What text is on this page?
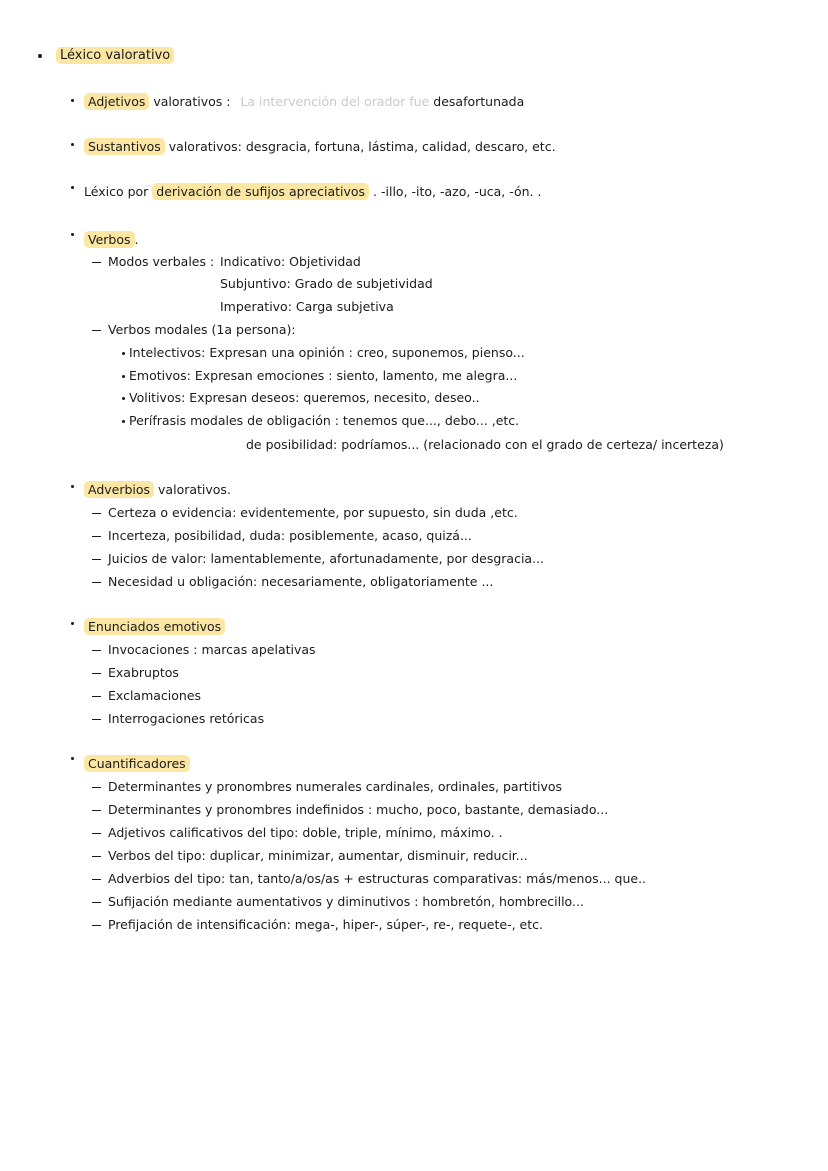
Léxico valorativo
Adjetivos valorativos : La intervención del orador fue desafortunada
Sustantivos valorativos: desgracia, fortuna, lástima, calidad, descaro, etc.
Léxico por derivación de sufijos apreciativos . -illo, -ito, -azo, -uca, -ón. .
Verbos .
Modos verbales : Indicativo: Objetividad
Subjuntivo: Grado de subjetividad
Imperativo: Carga subjetiva
Verbos modales (1a persona):
Intelectivos: Expresan una opinión : creo, suponemos, pienso...
Emotivos: Expresan emociones : siento, lamento, me alegra...
Volitivos: Expresan deseos: queremos, necesito, deseo..
Perífrasis modales de obligación : tenemos que..., debo... ,etc.
de posibilidad: podríamos... (relacionado con el grado de certeza/ incerteza)
Adverbios valorativos.
Certeza o evidencia: evidentemente, por supuesto, sin duda ,etc.
Incerteza, posibilidad, duda: posiblemente, acaso, quizá...
Juicios de valor: lamentablemente, afortunadamente, por desgracia...
Necesidad u obligación: necesariamente, obligatoriamente ...
Enunciados emotivos
Invocaciones : marcas apelativas
Exabruptos
Exclamaciones
Interrogaciones retóricas
Cuantificadores
Determinantes y pronombres numerales cardinales, ordinales, partitivos
Determinantes y pronombres indefinidos : mucho, poco, bastante, demasiado...
Adjetivos calificativos del tipo: doble, triple, mínimo, máximo. .
Verbos del tipo: duplicar, minimizar, aumentar, disminuir, reducir...
Adverbios del tipo: tan, tanto/a/os/as + estructuras comparativas: más/menos... que..
Sufijación mediante aumentativos y diminutivos : hombretón, hombrecillo...
Prefijación de intensificación: mega-, hiper-, súper-, re-, requete-, etc.
